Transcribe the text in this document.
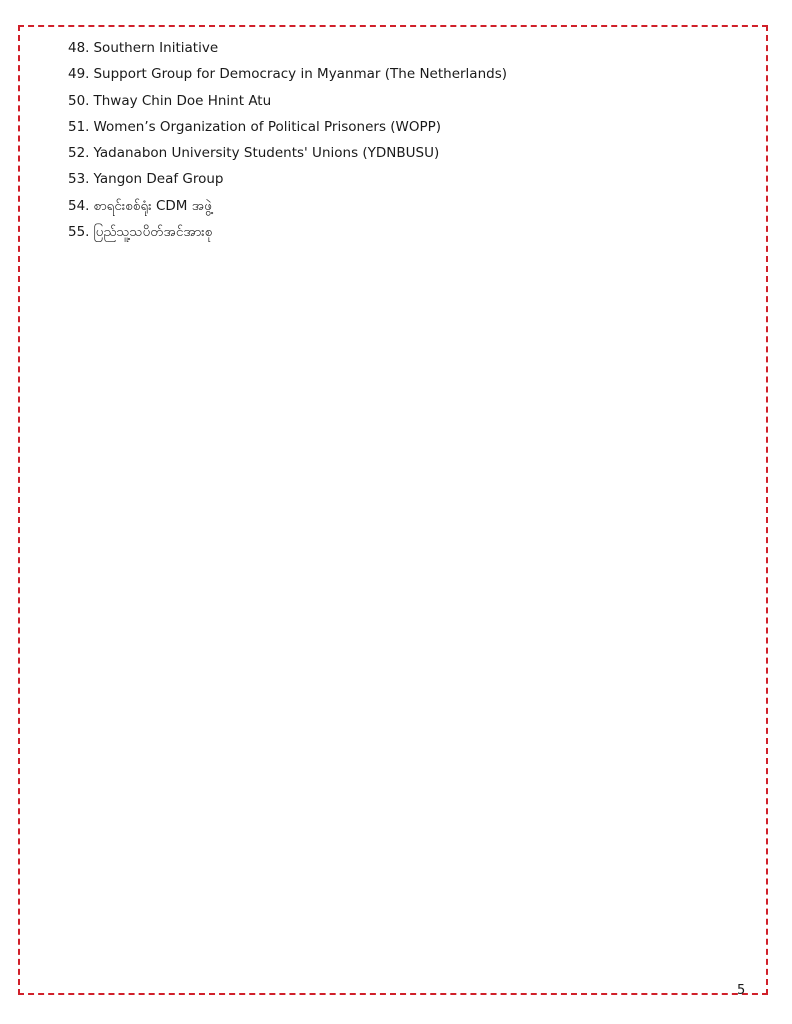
48. Southern Initiative
49. Support Group for Democracy in Myanmar (The Netherlands)
50. Thway Chin Doe Hnint Atu
51. Women’s Organization of Political Prisoners (WOPP)
52. Yadanabon University Students' Unions (YDNBUSU)
53. Yangon Deaf Group
54. စာရင်းစစ်ရုံး CDM အဖွဲ့
55. ပြည်သူ့သပိတ်အင်အားစု
5
